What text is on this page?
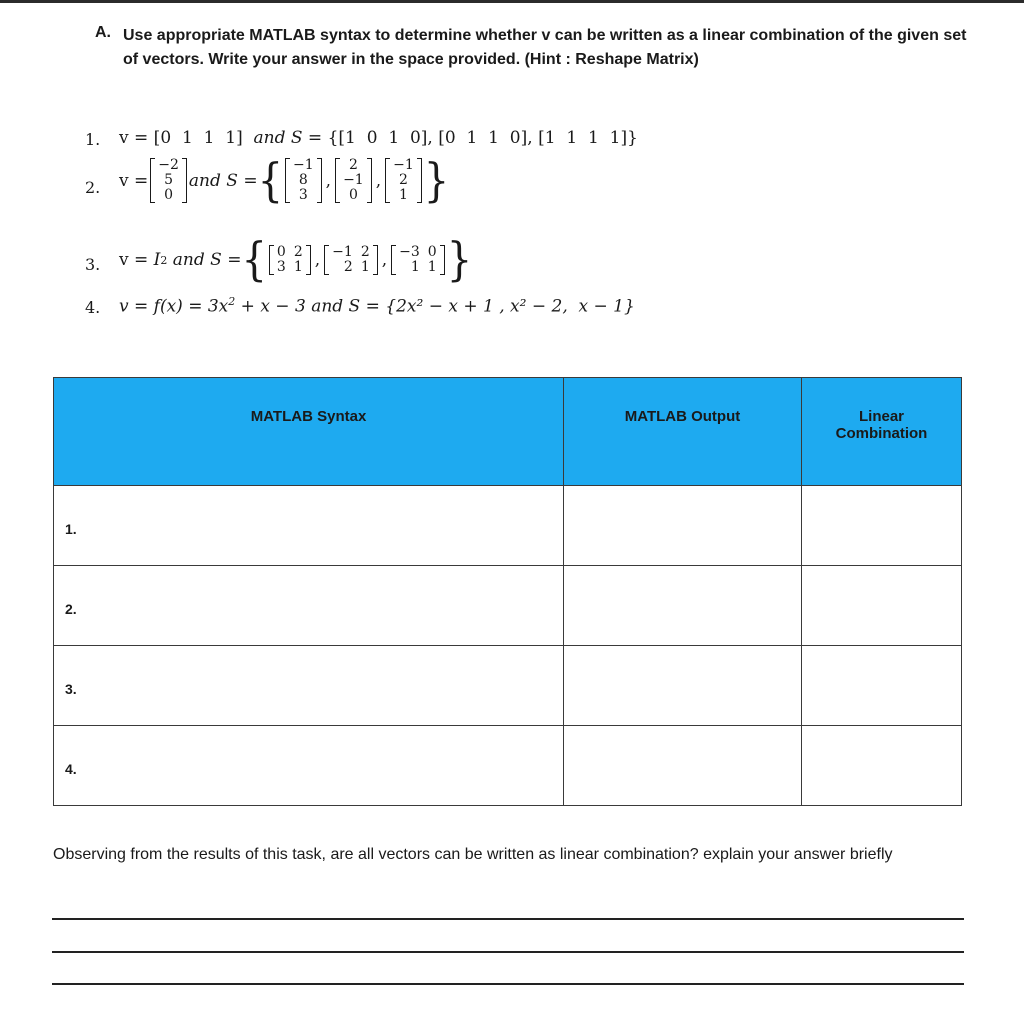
A. Use appropriate MATLAB syntax to determine whether v can be written as a linear combination of the given set of vectors. Write your answer in the space provided. (Hint : Reshape Matrix)
1. v = [ 0
1
1
1 ] and S = {[ 1
0
1
0 ], [ 0
1
1
0 ], [ 1
1
1
1 ]}
2. v =
−2
5
0
and S = { −1
8
3
,
2
−1
0
,
−1
2
1 }
3. v =
I 2
and S = { 0 2
3 1 , −1 2
2 1 , −3 0
1 1 }
4. $v = f(x) = 3x^2 + x - 3$ and S = {2x² − x + 1 , x² − 2,  x − 1}
MATLAB Syntax	MATLAB Output	Linear Combination

1.		

2.		

3.		

4.		

Observing from the results of this task, are all vectors can be written as linear combination? explain your answer briefly
